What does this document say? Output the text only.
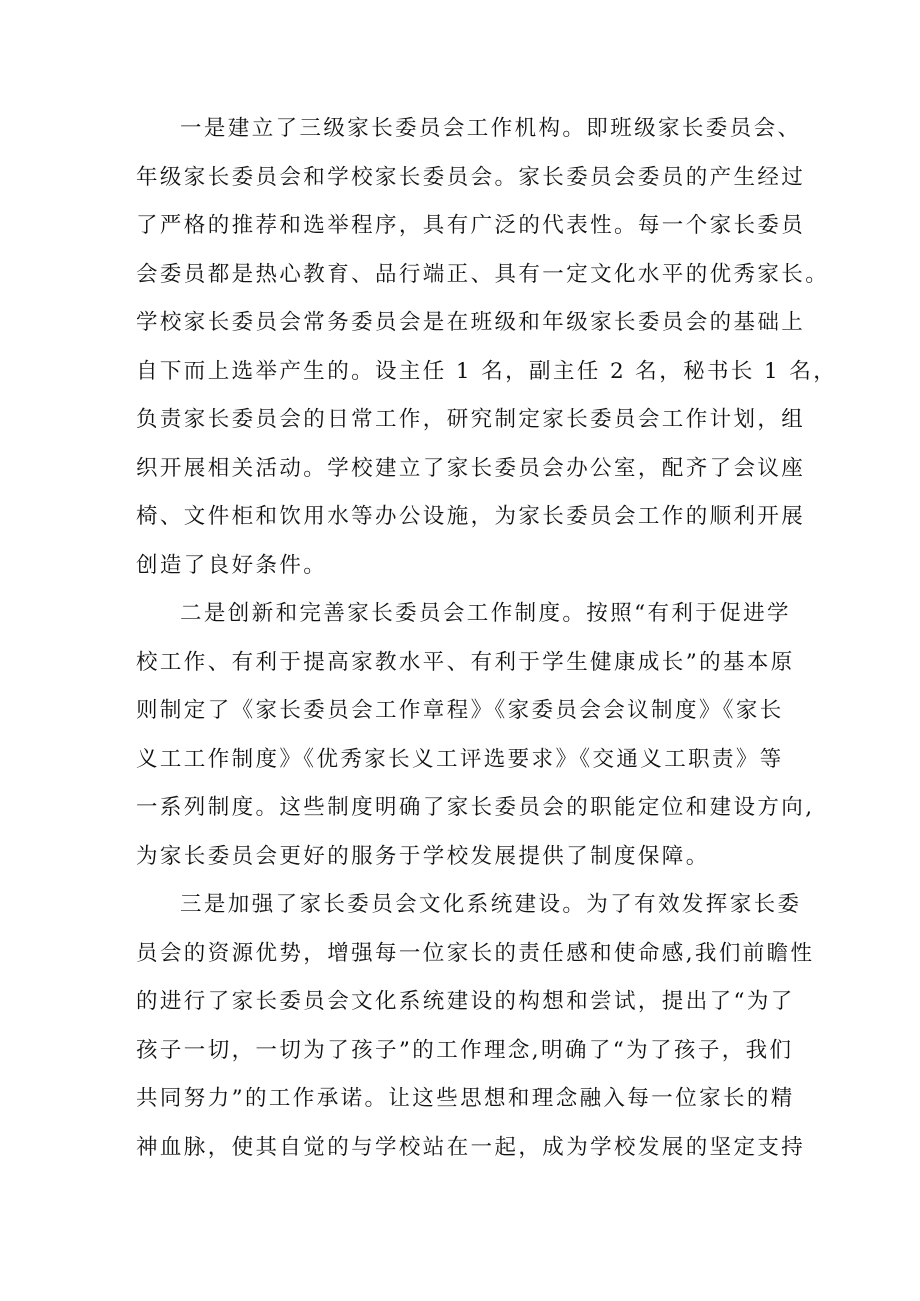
一是建立了三级家长委员会工作机构。即班级家长委员会、
年级家长委员会和学校家长委员会。家长委员会委员的产生经过
了严格的推荐和选举程序，具有广泛的代表性。每一个家长委员
会委员都是热心教育、品行端正、具有一定文化水平的优秀家长。
学校家长委员会常务委员会是在班级和年级家长委员会的基础上
自下而上选举产生的。设主任 1 名，副主任 2 名，秘书长 1 名，
负责家长委员会的日常工作，研究制定家长委员会工作计划，组
织开展相关活动。学校建立了家长委员会办公室，配齐了会议座
椅、文件柜和饮用水等办公设施，为家长委员会工作的顺利开展
创造了良好条件。
二是创新和完善家长委员会工作制度。按照“有利于促进学
校工作、有利于提高家教水平、有利于学生健康成长”的基本原
则制定了《家长委员会工作章程》《家委员会会议制度》《家长
义工工作制度》《优秀家长义工评选要求》《交通义工职责》等
一系列制度。这些制度明确了家长委员会的职能定位和建设方向,
为家长委员会更好的服务于学校发展提供了制度保障。
三是加强了家长委员会文化系统建设。为了有效发挥家长委
员会的资源优势，增强每一位家长的责任感和使命感,我们前瞻性
的进行了家长委员会文化系统建设的构想和尝试，提出了“为了
孩子一切，一切为了孩子”的工作理念,明确了“为了孩子，我们
共同努力”的工作承诺。让这些思想和理念融入每一位家长的精
神血脉，使其自觉的与学校站在一起，成为学校发展的坚定支持
